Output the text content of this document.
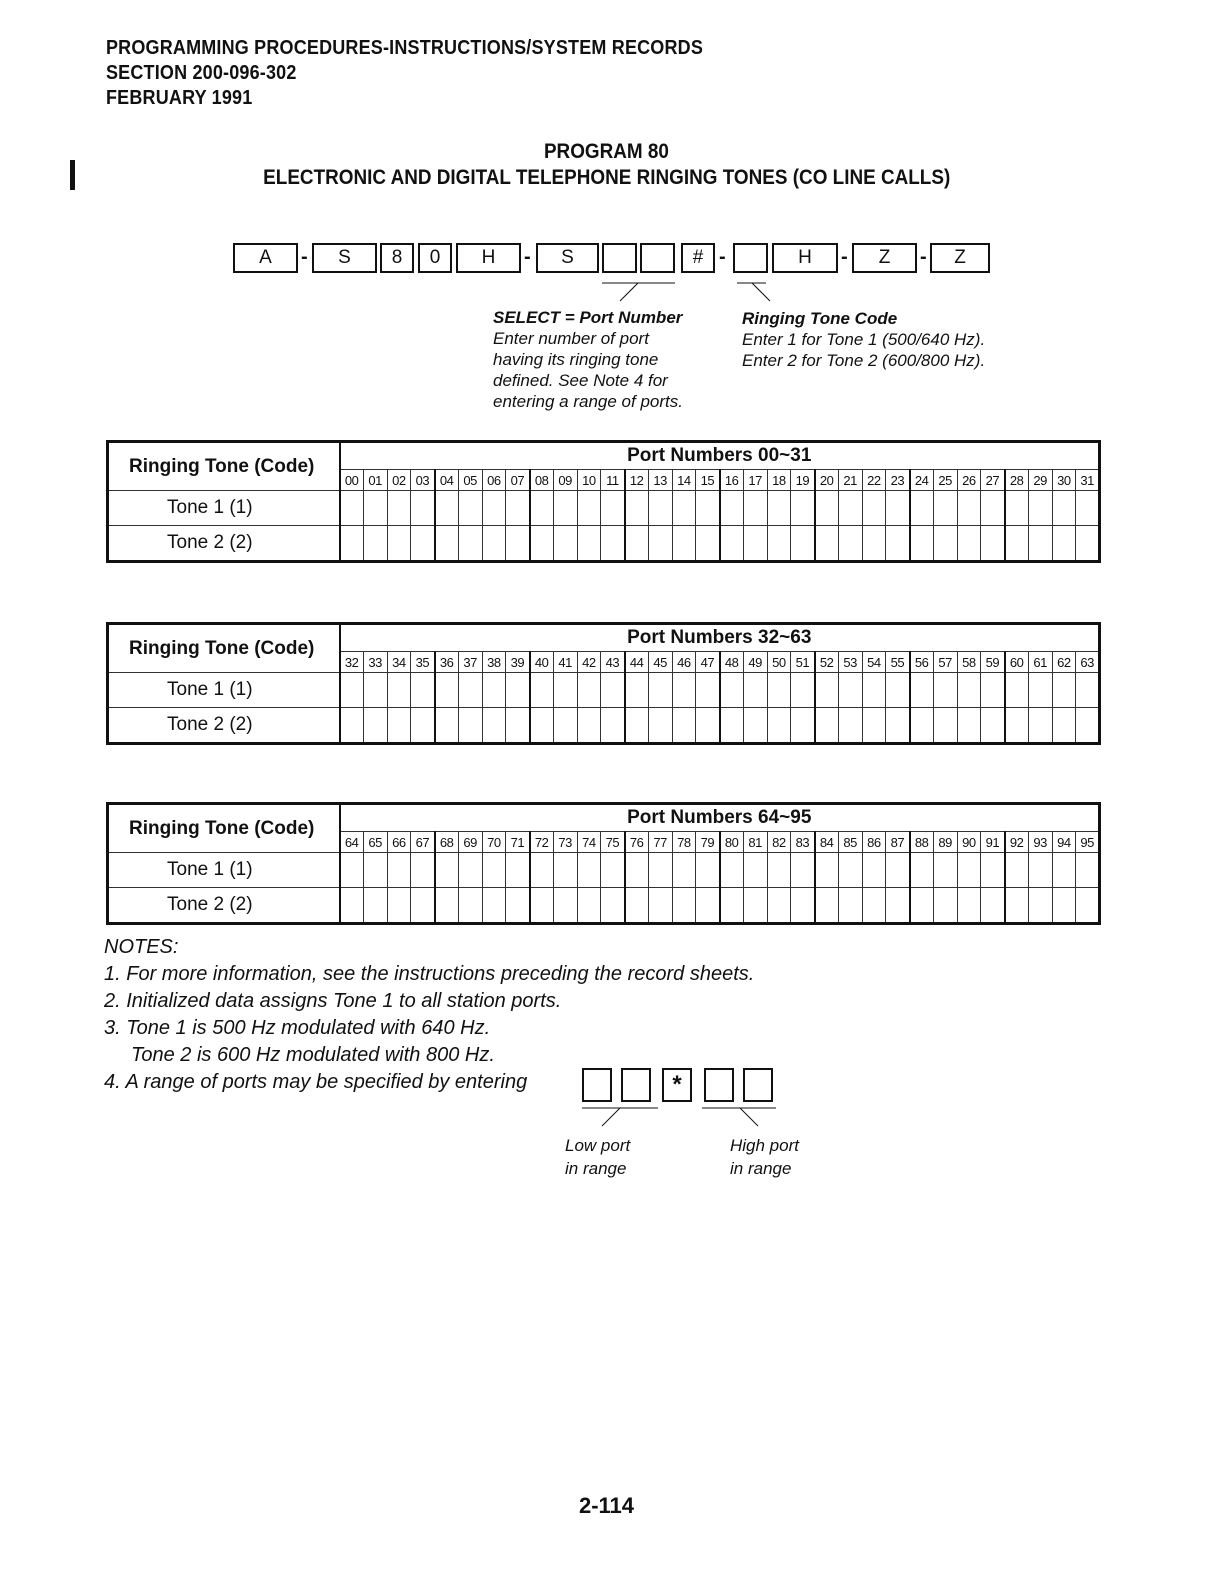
PROGRAMMING PROCEDURES-INSTRUCTIONS/SYSTEM RECORDS
SECTION 200-096-302
FEBRUARY 1991
PROGRAM 80
ELECTRONIC AND DIGITAL TELEPHONE RINGING TONES (CO LINE CALLS)
A	-	S	8	0	H	-	S	# -	H	-	Z	-	Z
SELECT = Port Number
Enter number of port
having its ringing tone
defined. See Note 4 for
entering a range of ports.
Ringing Tone Code
Enter 1 for Tone 1 (500/640 Hz).
Enter 2 for Tone 2 (600/800 Hz).
Ringing Tone (Code)	Port Numbers 00~31																															
	00	01	02	03	04	05	06	07	08	09	10	11	12	13	14	15	16	17	18	19	20	21	22	23	24	25	26	27	28	29	30	31
Tone 1 (1)																																
Tone 2 (2)																																
Ringing Tone (Code)	Port Numbers 32~63																															
	32	33	34	35	36	37	38	39	40	41	42	43	44	45	46	47	48	49	50	51	52	53	54	55	56	57	58	59	60	61	62	63
Tone 1 (1)																																
Tone 2 (2)																																
Ringing Tone (Code)	Port Numbers 64~95																															
	64	65	66	67	68	69	70	71	72	73	74	75	76	77	78	79	80	81	82	83	84	85	86	87	88	89	90	91	92	93	94	95
Tone 1 (1)																																
Tone 2 (2)																																
NOTES:
1. For more information, see the instructions preceding the record sheets.
2. Initialized data assigns Tone 1 to all station ports.
3. Tone 1 is 500 Hz modulated with 640 Hz.
Tone 2 is 600 Hz modulated with 800 Hz.
4. A range of ports may be specified by entering	*
Low port
in range
High port
in range
2-114
